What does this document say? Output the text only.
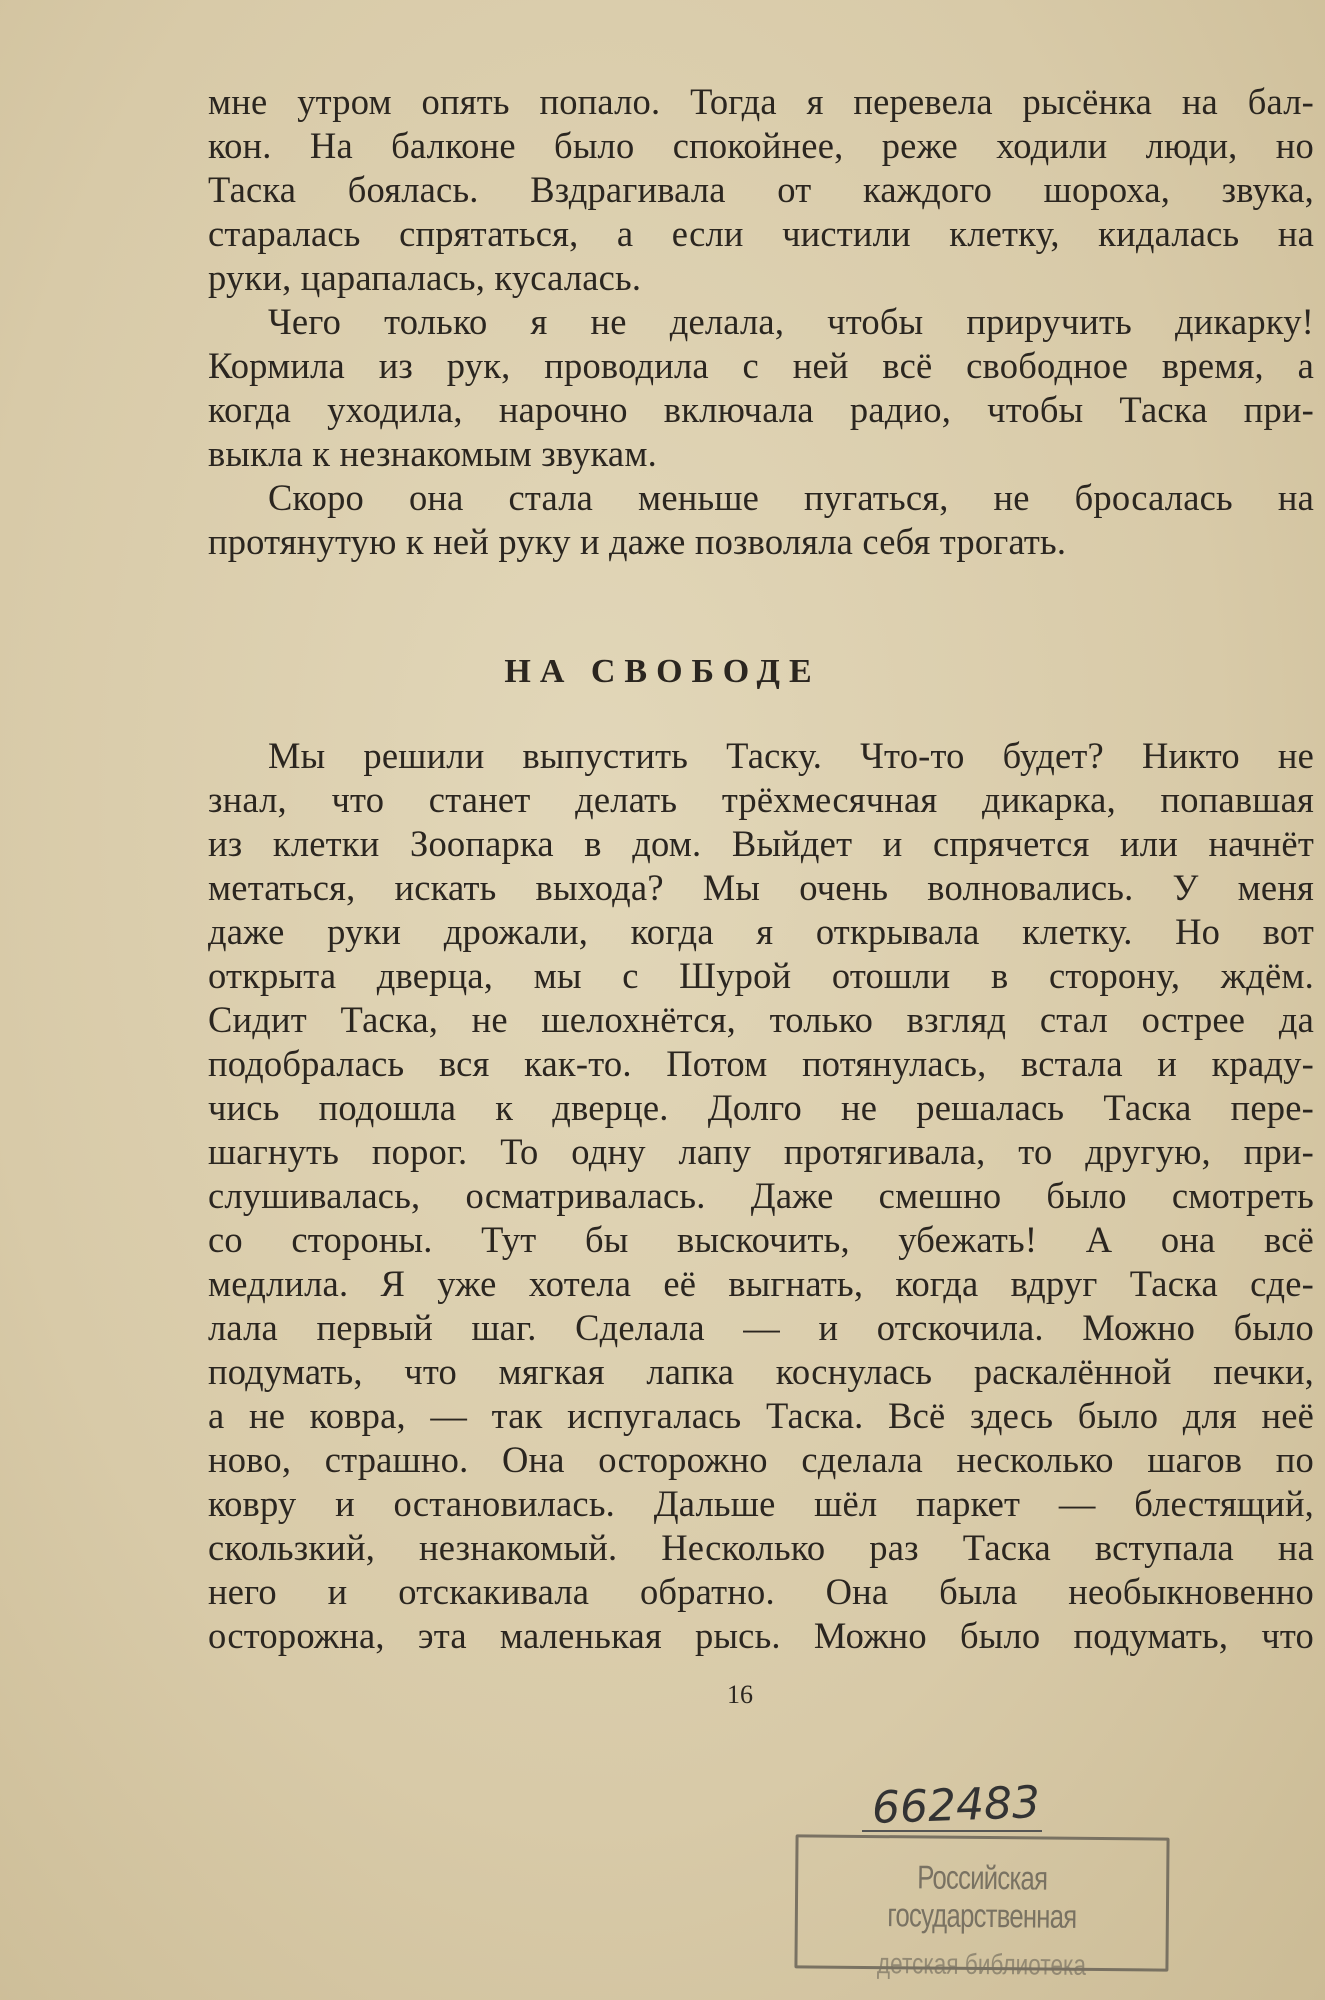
мне утром опять попало. Тогда я перевела рысёнка на бал-
кон. На балконе было спокойнее, реже ходили люди, но
Таска боялась. Вздрагивала от каждого шороха, звука,
старалась спрятаться, а если чистили клетку, кидалась на
руки, царапалась, кусалась.
Чего только я не делала, чтобы приручить дикарку!
Кормила из рук, проводила с ней всё свободное время, а
когда уходила, нарочно включала радио, чтобы Таска при-
выкла к незнакомым звукам.
Скоро она стала меньше пугаться, не бросалась на
протянутую к ней руку и даже позволяла себя трогать.
НА СВОБОДЕ
Мы решили выпустить Таску. Что-то будет? Никто не
знал, что станет делать трёхмесячная дикарка, попавшая
из клетки Зоопарка в дом. Выйдет и спрячется или начнёт
метаться, искать выхода? Мы очень волновались. У меня
даже руки дрожали, когда я открывала клетку. Но вот
открыта дверца, мы с Шурой отошли в сторону, ждём.
Сидит Таска, не шелохнётся, только взгляд стал острее да
подобралась вся как-то. Потом потянулась, встала и краду-
чись подошла к дверце. Долго не решалась Таска пере-
шагнуть порог. То одну лапу протягивала, то другую, при-
слушивалась, осматривалась. Даже смешно было смотреть
со стороны. Тут бы выскочить, убежать! А она всё
медлила. Я уже хотела её выгнать, когда вдруг Таска сде-
лала первый шаг. Сделала — и отскочила. Можно было
подумать, что мягкая лапка коснулась раскалённой печки,
а не ковра, — так испугалась Таска. Всё здесь было для неё
ново, страшно. Она осторожно сделала несколько шагов по
ковру и остановилась. Дальше шёл паркет — блестящий,
скользкий, незнакомый. Несколько раз Таска вступала на
него и отскакивала обратно. Она была необыкновенно
осторожна, эта маленькая рысь. Можно было подумать, что
16
662483
Российская государственная
детская библиотека
